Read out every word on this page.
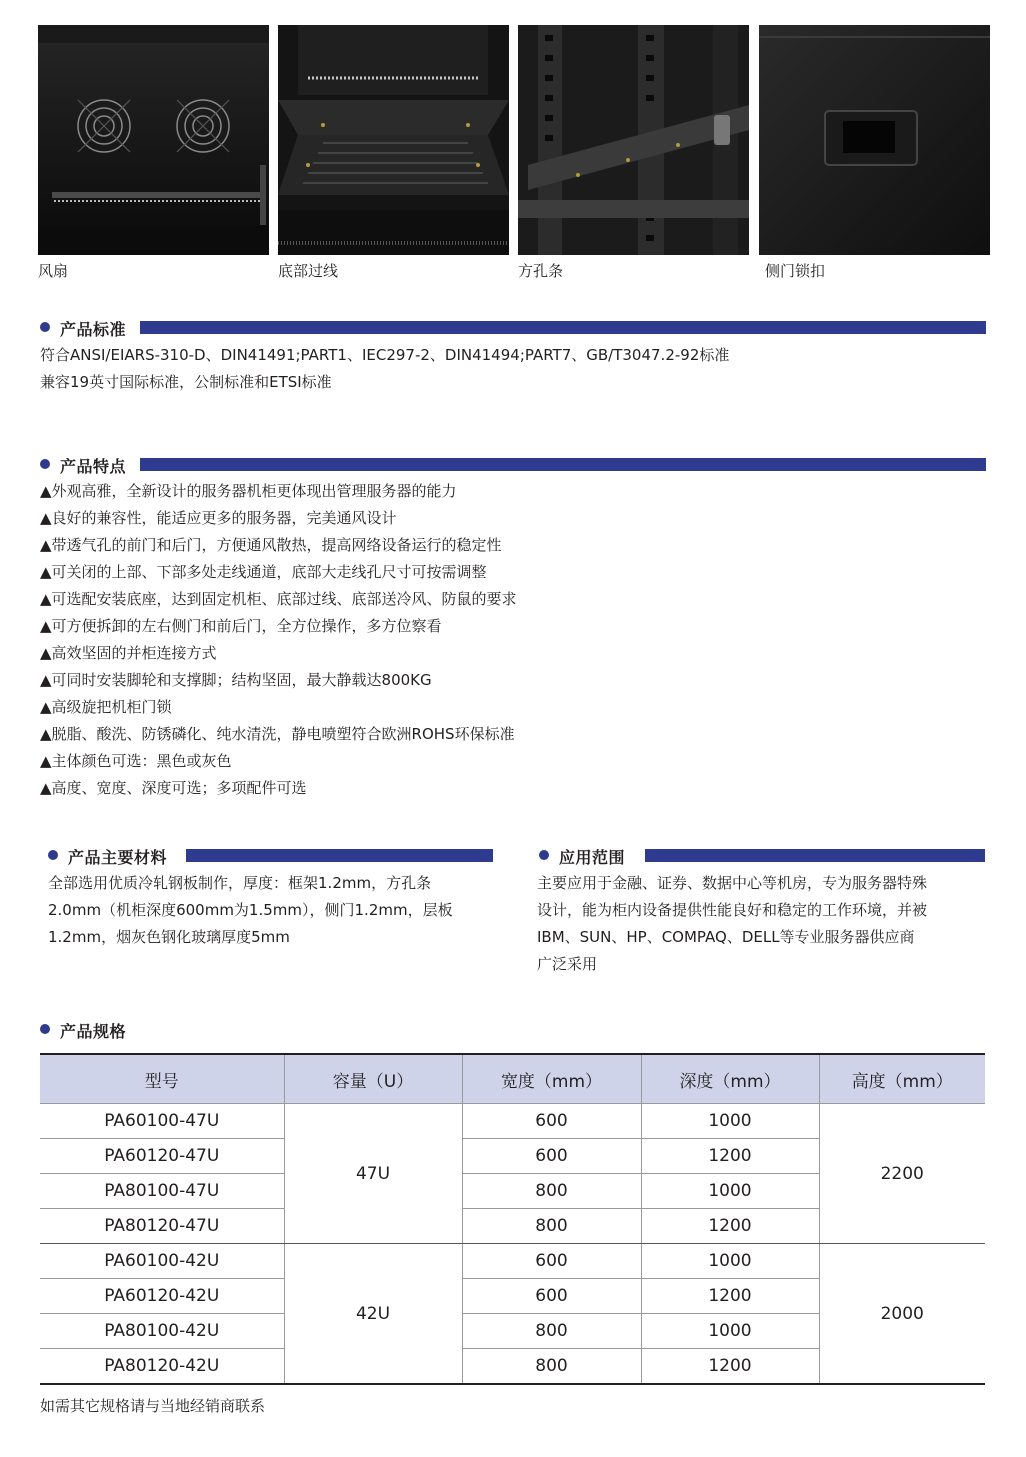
风扇	底部过线	方孔条	侧门锁扣
产品标准
符合ANSI/EIARS-310-D、DIN41491;PART1、IEC297-2、DIN41494;PART7、GB/T3047.2-92标准
兼容19英寸国际标准，公制标准和ETSI标准
产品特点
▲外观高雅，全新设计的服务器机柜更体现出管理服务器的能力
▲良好的兼容性，能适应更多的服务器，完美通风设计
▲带透气孔的前门和后门，方便通风散热，提高网络设备运行的稳定性
▲可关闭的上部、下部多处走线通道，底部大走线孔尺寸可按需调整
▲可选配安装底座，达到固定机柜、底部过线、底部送冷风、防鼠的要求
▲可方便拆卸的左右侧门和前后门，全方位操作，多方位察看
▲高效坚固的并柜连接方式
▲可同时安装脚轮和支撑脚；结构坚固，最大静载达800KG
▲高级旋把机柜门锁
▲脱脂、酸洗、防锈磷化、纯水清洗，静电喷塑符合欧洲ROHS环保标准
▲主体颜色可选：黑色或灰色
▲高度、宽度、深度可选；多项配件可选
产品主要材料
全部选用优质冷轧钢板制作，厚度：框架1.2mm，方孔条
2.0mm（机柜深度600mm为1.5mm），侧门1.2mm，层板
1.2mm，烟灰色钢化玻璃厚度5mm
应用范围
主要应用于金融、证券、数据中心等机房，专为服务器特殊
设计，能为柜内设备提供性能良好和稳定的工作环境，并被
IBM、SUN、HP、COMPAQ、DELL等专业服务器供应商
广泛采用
产品规格
型号	容量（U）	宽度（mm）	深度（mm）	高度（mm）
PA60100-47U	47U	600	1000	2200
PA60120-47U		600	1200	
PA80100-47U		800	1000	
PA80120-47U		800	1200	
PA60100-42U	42U	600	1000	2000
PA60120-42U		600	1200	
PA80100-42U		800	1000	
PA80120-42U		800	1200	
如需其它规格请与当地经销商联系
